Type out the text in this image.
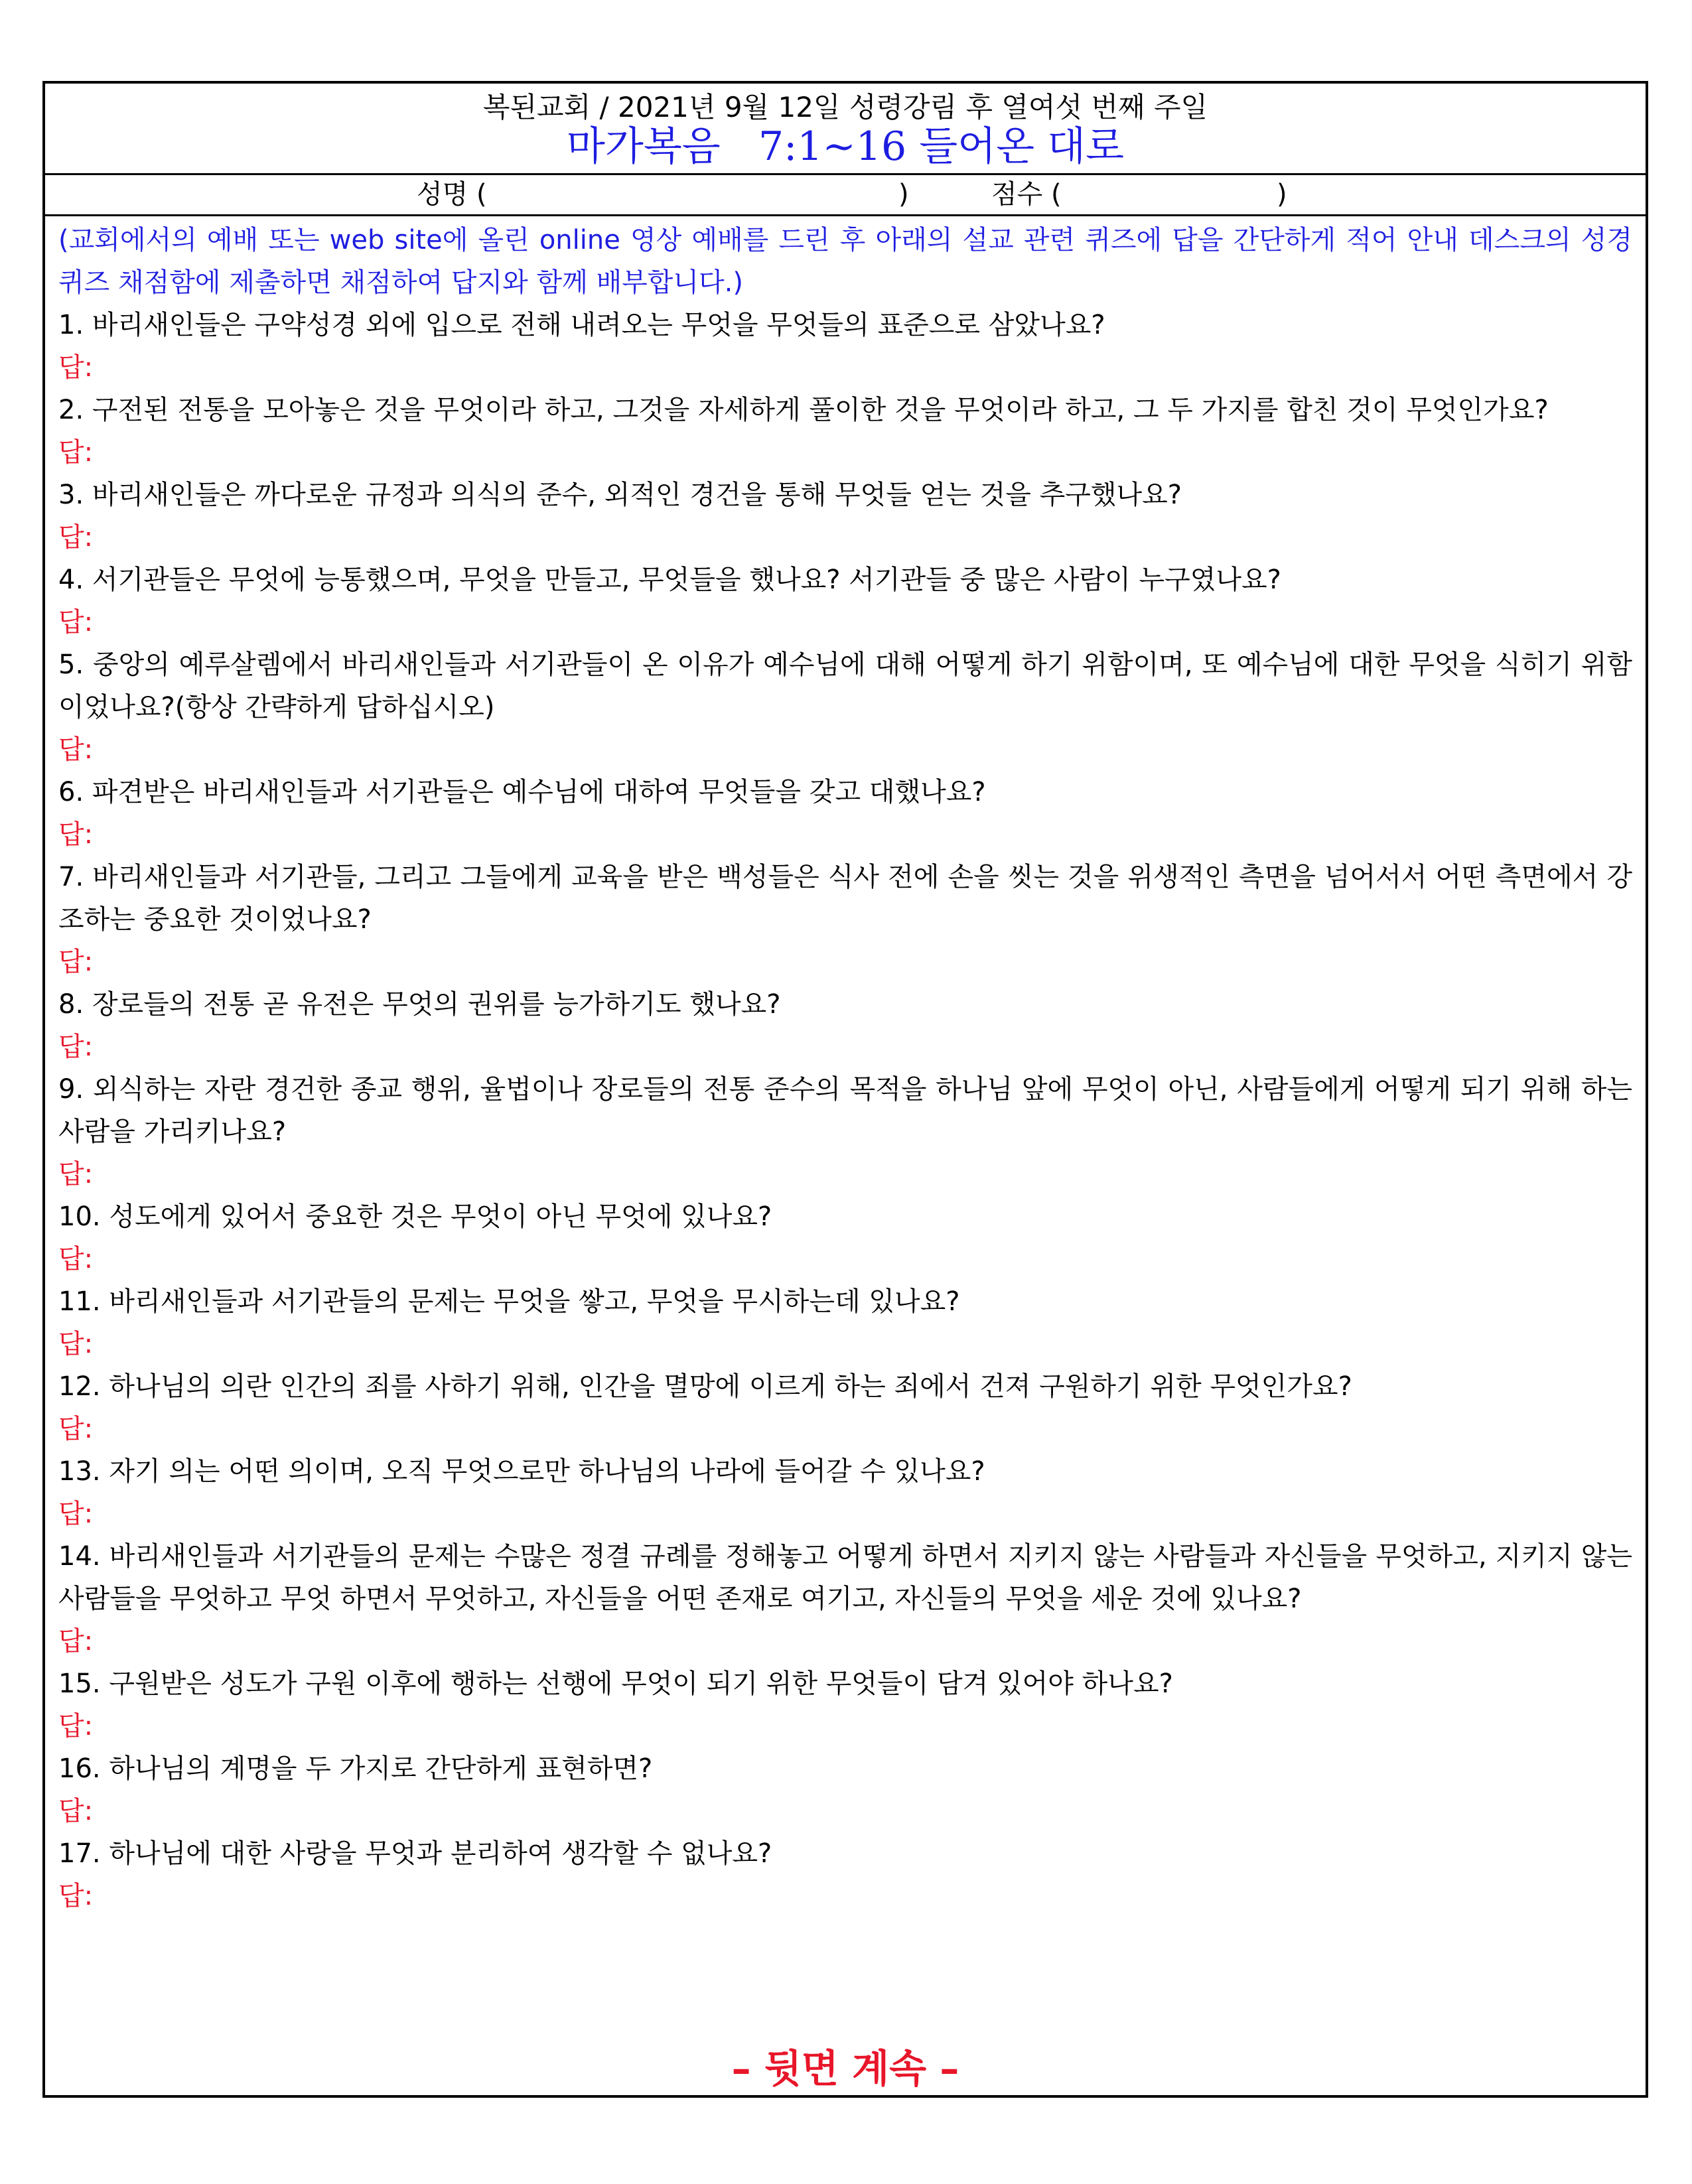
복된교회 / 2021년 9월 12일 성령강림 후 열여섯 번째 주일
마가복음   7:1~16 들어온 대로
성명 (	)	점수 (	)
(교회에서의 예배 또는 web site에 올린 online 영상 예배를 드린 후 아래의 설교 관련 퀴즈에 답을 간단하게 적어 안내 데스크의 성경 퀴즈 채점함에 제출하면 채점하여 답지와 함께 배부합니다.)
1. 바리새인들은 구약성경 외에 입으로 전해 내려오는 무엇을 무엇들의 표준으로 삼았나요?
답:
2. 구전된 전통을 모아놓은 것을 무엇이라 하고, 그것을 자세하게 풀이한 것을 무엇이라 하고, 그 두 가지를 합친 것이 무엇인가요?
답:
3. 바리새인들은 까다로운 규정과 의식의 준수, 외적인 경건을 통해 무엇들 얻는 것을 추구했나요?
답:
4. 서기관들은 무엇에 능통했으며, 무엇을 만들고, 무엇들을 했나요? 서기관들 중 많은 사람이 누구였나요?
답:
5. 중앙의 예루살렘에서 바리새인들과 서기관들이 온 이유가 예수님에 대해 어떻게 하기 위함이며, 또 예수님에 대한 무엇을 식히기 위함이었나요?(항상 간략하게 답하십시오)
답:
6. 파견받은 바리새인들과 서기관들은 예수님에 대하여 무엇들을 갖고 대했나요?
답:
7. 바리새인들과 서기관들, 그리고 그들에게 교육을 받은 백성들은 식사 전에 손을 씻는 것을 위생적인 측면을 넘어서서 어떤 측면에서 강조하는 중요한 것이었나요?
답:
8. 장로들의 전통 곧 유전은 무엇의 권위를 능가하기도 했나요?
답:
9. 외식하는 자란 경건한 종교 행위, 율법이나 장로들의 전통 준수의 목적을 하나님 앞에 무엇이 아닌, 사람들에게 어떻게 되기 위해 하는 사람을 가리키나요?
답:
10. 성도에게 있어서 중요한 것은 무엇이 아닌 무엇에 있나요?
답:
11. 바리새인들과 서기관들의 문제는 무엇을 쌓고, 무엇을 무시하는데 있나요?
답:
12. 하나님의 의란 인간의 죄를 사하기 위해, 인간을 멸망에 이르게 하는 죄에서 건져 구원하기 위한 무엇인가요?
답:
13. 자기 의는 어떤 의이며, 오직 무엇으로만 하나님의 나라에 들어갈 수 있나요?
답:
14. 바리새인들과 서기관들의 문제는 수많은 정결 규례를 정해놓고 어떻게 하면서 지키지 않는 사람들과 자신들을 무엇하고, 지키지 않는 사람들을 무엇하고 무엇 하면서 무엇하고, 자신들을 어떤 존재로 여기고, 자신들의 무엇을 세운 것에 있나요?
답:
15. 구원받은 성도가 구원 이후에 행하는 선행에 무엇이 되기 위한 무엇들이 담겨 있어야 하나요?
답:
16. 하나님의 계명을 두 가지로 간단하게 표현하면?
답:
17. 하나님에 대한 사랑을 무엇과 분리하여 생각할 수 없나요?
답:
– 뒷면 계속 –
